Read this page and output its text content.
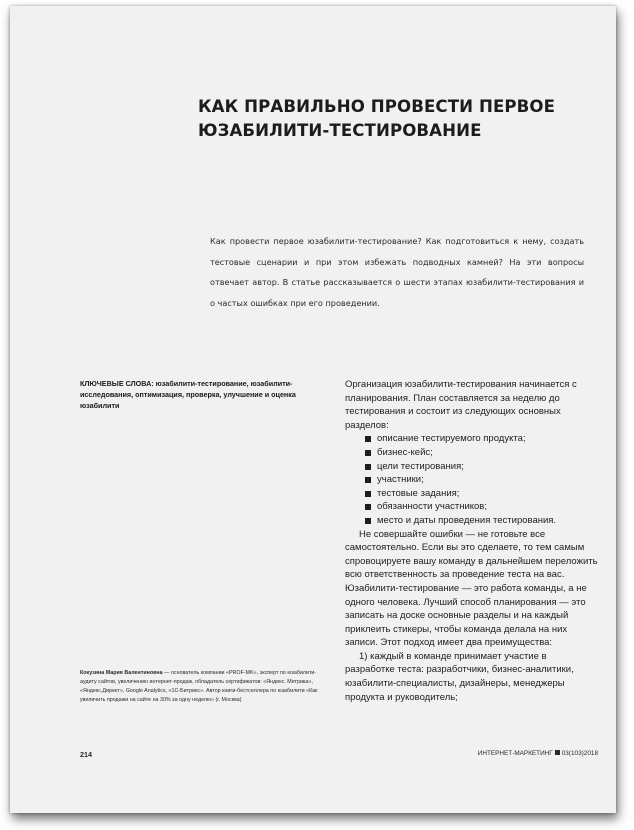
КАК ПРАВИЛЬНО ПРОВЕСТИ ПЕРВОЕ
ЮЗАБИЛИТИ-ТЕСТИРОВАНИЕ

Как провести первое юзабилити-тестирование? Как подготовиться к нему, создать тестовые сценарии и при этом избежать подводных камней? На эти вопросы отвечает автор. В статье рассказывается о шести этапах юзабилити-тестирования и о частых ошибках при его проведении.

КЛЮЧЕВЫЕ СЛОВА: юзабилити-тестирование, юзабилити-исследования, оптимизация, проверка, улучшение и оценка юзабилити

Кокузина Мария Валентиновна — основатель компании «PROF-MK», эксперт по юзабилити-аудиту сайтов, увеличению интернет-продаж, обладатель сертификатов: «Яндекс. Метрика», «Яндекс.Директ», Google Analytics, «1С-Битрикс». Автор книги-бестселлера по юзабилити «Как увеличить продажи на сайте на 30% за одну неделю» (г. Москва)

Организация юзабилити-тестирования начинается с планирования. План составляется за неделю до тестирования и состоит из следующих основных разделов:

описание тестируемого продукта;
бизнес-кейс;
цели тестирования;
участники;
тестовые задания;
обязанности участников;
место и даты проведения тестирования.

Не совершайте ошибки — не готовьте все самостоятельно. Если вы это сделаете, то тем самым спровоцируете вашу команду в дальнейшем переложить всю ответственность за проведение теста на вас. Юзабилити-тестирование — это работа команды, а не одного человека. Лучший способ планирования — это записать на доске основные разделы и на каждый приклеить стикеры, чтобы команда делала на них записи. Этот подход имеет два преимущества:

1) каждый в команде принимает участие в разработке теста: разработчики, бизнес-аналитики, юзабилити-специалисты, дизайнеры, менеджеры продукта и руководитель;

214	ИНТЕРНЕТ-МАРКЕТИНГ 03(103)2018
